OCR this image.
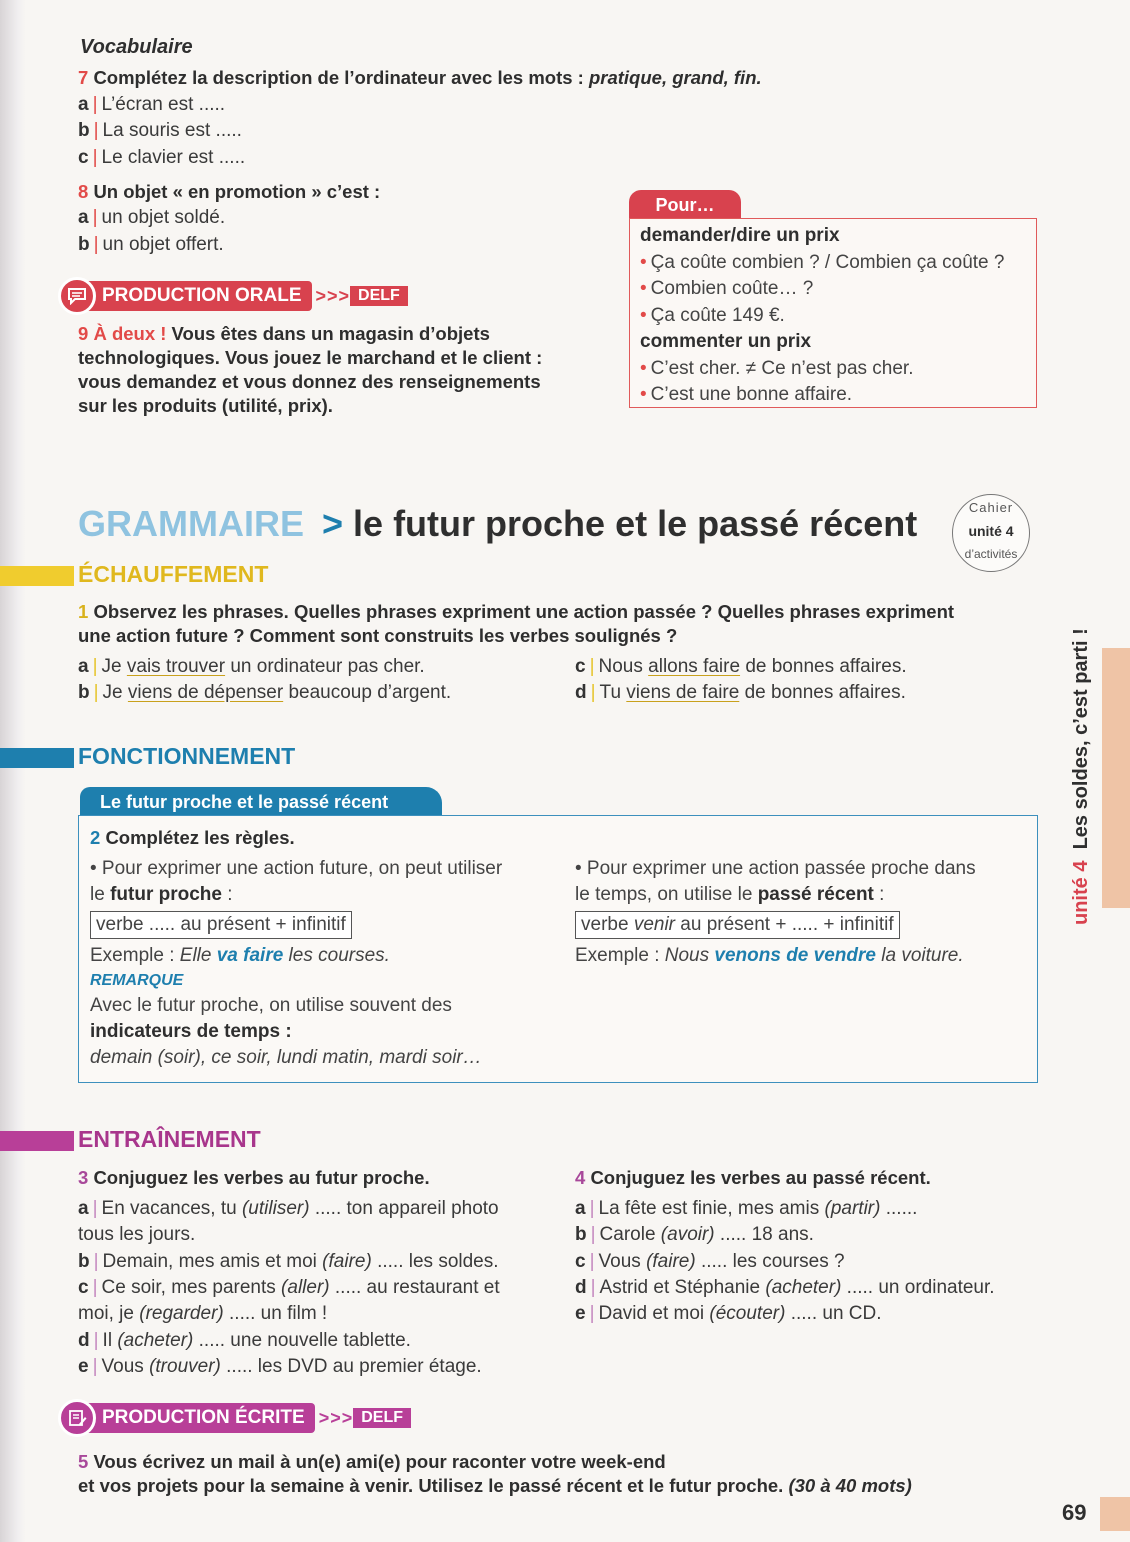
Vocabulaire
7 Complétez la description de l’ordinateur avec les mots : pratique, grand, fin.
a | L’écran est .....
b | La souris est .....
c | Le clavier est .....
8 Un objet « en promotion » c’est :
a | un objet soldé.
b | un objet offert.
PRODUCTION ORALE >>> DELF
9 À deux ! Vous êtes dans un magasin d’objets
technologiques. Vous jouez le marchand et le client :
vous demandez et vous donnez des renseignements
sur les produits (utilité, prix).
Pour…
demander/dire un prix
• Ça coûte combien ? / Combien ça coûte ?
• Combien coûte… ?
• Ça coûte 149 €.
commenter un prix
• C’est cher. ≠ Ce n’est pas cher.
• C’est une bonne affaire.
GRAMMAIRE > le futur proche et le passé récent	Cahier
unité 4
d’activités
ÉCHAUFFEMENT
1 Observez les phrases. Quelles phrases expriment une action passée ? Quelles phrases expriment
une action future ? Comment sont construits les verbes soulignés ?
a | Je vais trouver un ordinateur pas cher.
b | Je viens de dépenser beaucoup d’argent.
c | Nous allons faire de bonnes affaires.
d | Tu viens de faire de bonnes affaires.
FONCTIONNEMENT
Le futur proche et le passé récent
2 Complétez les règles.
• Pour exprimer une action future, on peut utiliser
le futur proche :
verbe ..... au présent + infinitif
Exemple : Elle va faire les courses.
REMARQUE
Avec le futur proche, on utilise souvent des
indicateurs de temps :
demain (soir), ce soir, lundi matin, mardi soir…
• Pour exprimer une action passée proche dans
le temps, on utilise le passé récent :
verbe venir au présent + ..... + infinitif
Exemple : Nous venons de vendre la voiture.
ENTRAÎNEMENT
3 Conjuguez les verbes au futur proche.	4 Conjuguez les verbes au passé récent.
a | En vacances, tu (utiliser) ..... ton appareil photo
tous les jours.
b | Demain, mes amis et moi (faire) ..... les soldes.
c | Ce soir, mes parents (aller) ..... au restaurant et
moi, je (regarder) ..... un film !
d | Il (acheter) ..... une nouvelle tablette.
e | Vous (trouver) ..... les DVD au premier étage.
a | La fête est finie, mes amis (partir) ......
b | Carole (avoir) ..... 18 ans.
c | Vous (faire) ..... les courses ?
d | Astrid et Stéphanie (acheter) ..... un ordinateur.
e | David et moi (écouter) ..... un CD.
PRODUCTION ÉCRITE >>> DELF
5 Vous écrivez un mail à un(e) ami(e) pour raconter votre week-end
et vos projets pour la semaine à venir. Utilisez le passé récent et le futur proche. (30 à 40 mots)
unité 4  Les soldes, c’est parti !
69
